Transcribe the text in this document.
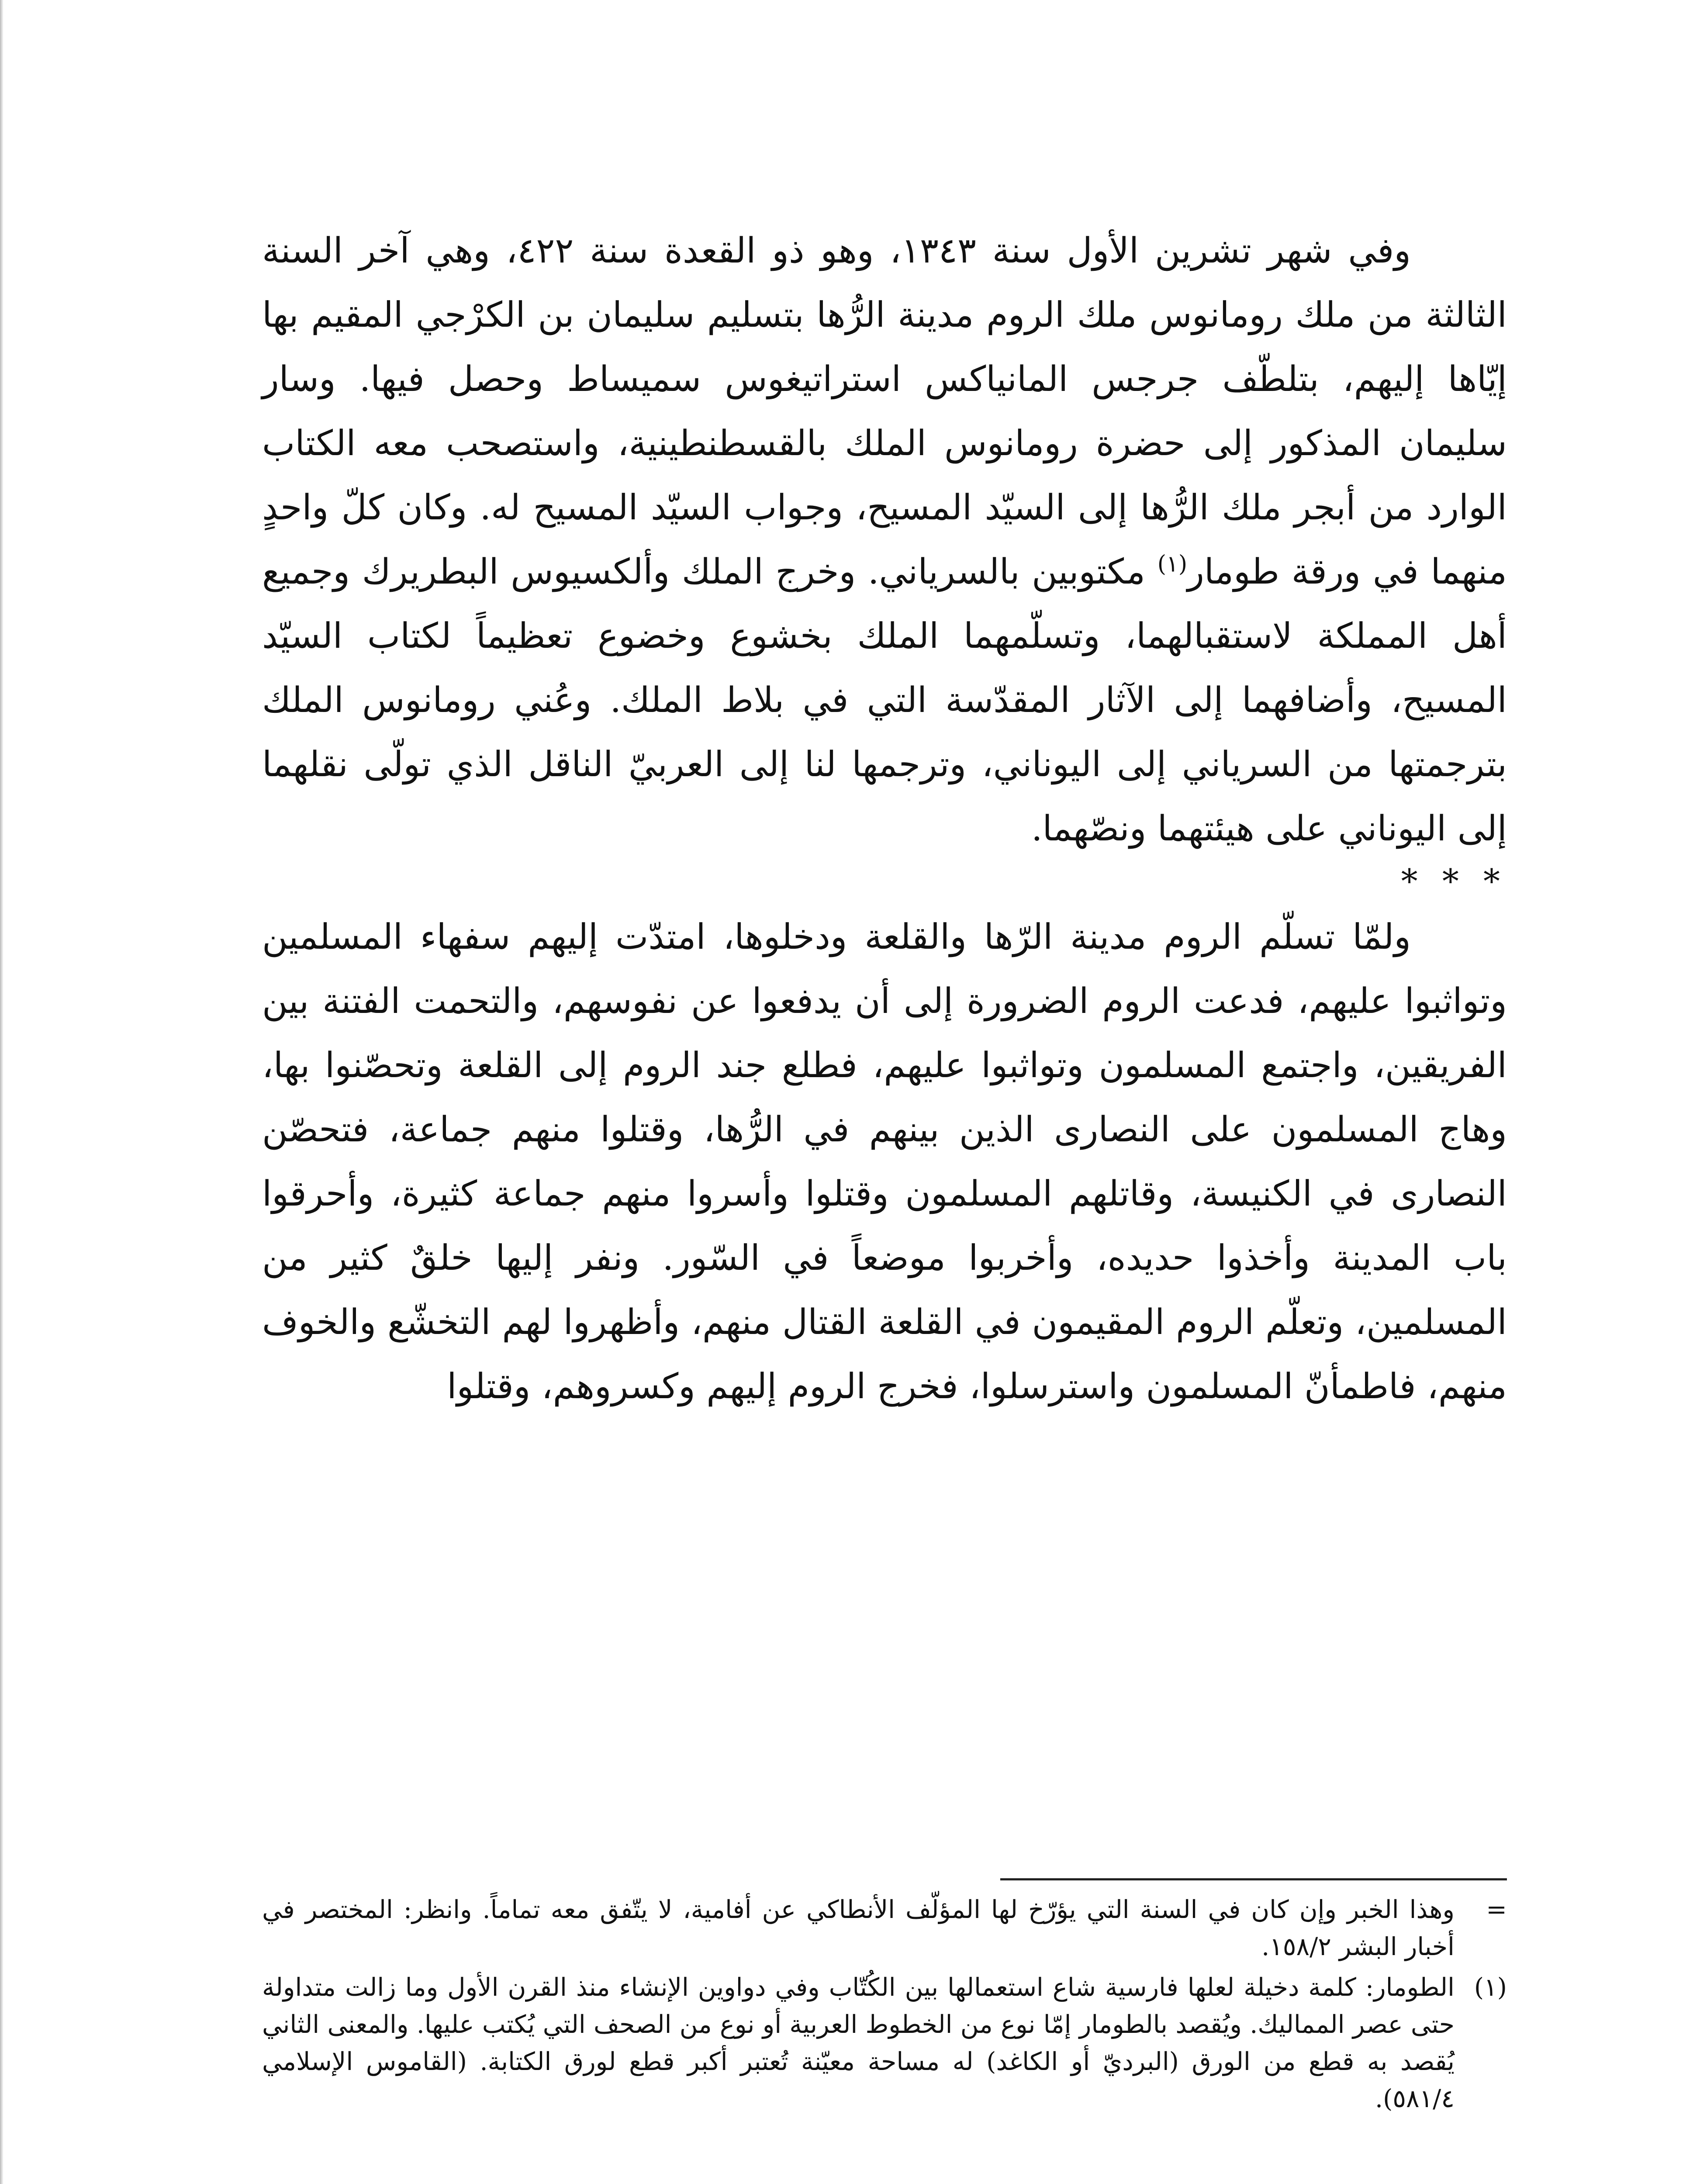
وفي شهر تشرين الأول سنة ١٣٤٣، وهو ذو القعدة سنة ٤٢٢، وهي آخر السنة الثالثة من ملك رومانوس ملك الروم مدينة الرُّها بتسليم سليمان بن الكرْجي المقيم بها إيّاها إليهم، بتلطّف جرجس المانياكس استراتيغوس سميساط وحصل فيها. وسار سليمان المذكور إلى حضرة رومانوس الملك بالقسطنطينية، واستصحب معه الكتاب الوارد من أبجر ملك الرُّها إلى السيّد المسيح، وجواب السيّد المسيح له. وكان كلّ واحدٍ منهما في ورقة طومار$^{(١)}$ مكتوبين بالسرياني. وخرج الملك وألكسيوس البطريرك وجميع أهل المملكة لاستقبالهما، وتسلّمهما الملك بخشوع وخضوع تعظيماً لكتاب السيّد المسيح، وأضافهما إلى الآثار المقدّسة التي في بلاط الملك. وعُني رومانوس الملك بترجمتها من السرياني إلى اليوناني، وترجمها لنا إلى العربيّ الناقل الذي تولّى نقلهما إلى اليوناني على هيئتهما ونصّهما.

* * *

ولمّا تسلّم الروم مدينة الرّها والقلعة ودخلوها، امتدّت إليهم سفهاء المسلمين وتواثبوا عليهم، فدعت الروم الضرورة إلى أن يدفعوا عن نفوسهم، والتحمت الفتنة بين الفريقين، واجتمع المسلمون وتواثبوا عليهم، فطلع جند الروم إلى القلعة وتحصّنوا بها، وهاج المسلمون على النصارى الذين بينهم في الرُّها، وقتلوا منهم جماعة، فتحصّن النصارى في الكنيسة، وقاتلهم المسلمون وقتلوا وأسروا منهم جماعة كثيرة، وأحرقوا باب المدينة وأخذوا حديده، وأخربوا موضعاً في السّور. ونفر إليها خلقٌ كثير من المسلمين، وتعلّم الروم المقيمون في القلعة القتال منهم، وأظهروا لهم التخشّع والخوف منهم، فاطمأنّ المسلمون واسترسلوا، فخرج الروم إليهم وكسروهم، وقتلوا

=
وهذا الخبر وإن كان في السنة التي يؤرّخ لها المؤلّف الأنطاكي عن أفامية، لا يتّفق معه تماماً. وانظر: المختصر في أخبار البشر ١٥٨/٢.
(١)
الطومار: كلمة دخيلة لعلها فارسية شاع استعمالها بين الكُتّاب وفي دواوين الإنشاء منذ القرن الأول وما زالت متداولة حتى عصر المماليك. ويُقصد بالطومار إمّا نوع من الخطوط العربية أو نوع من الصحف التي يُكتب عليها. والمعنى الثاني يُقصد به قطع من الورق (البرديّ أو الكاغد) له مساحة معيّنة تُعتبر أكبر قطع لورق الكتابة. (القاموس الإسلامي ٥٨١/٤).
